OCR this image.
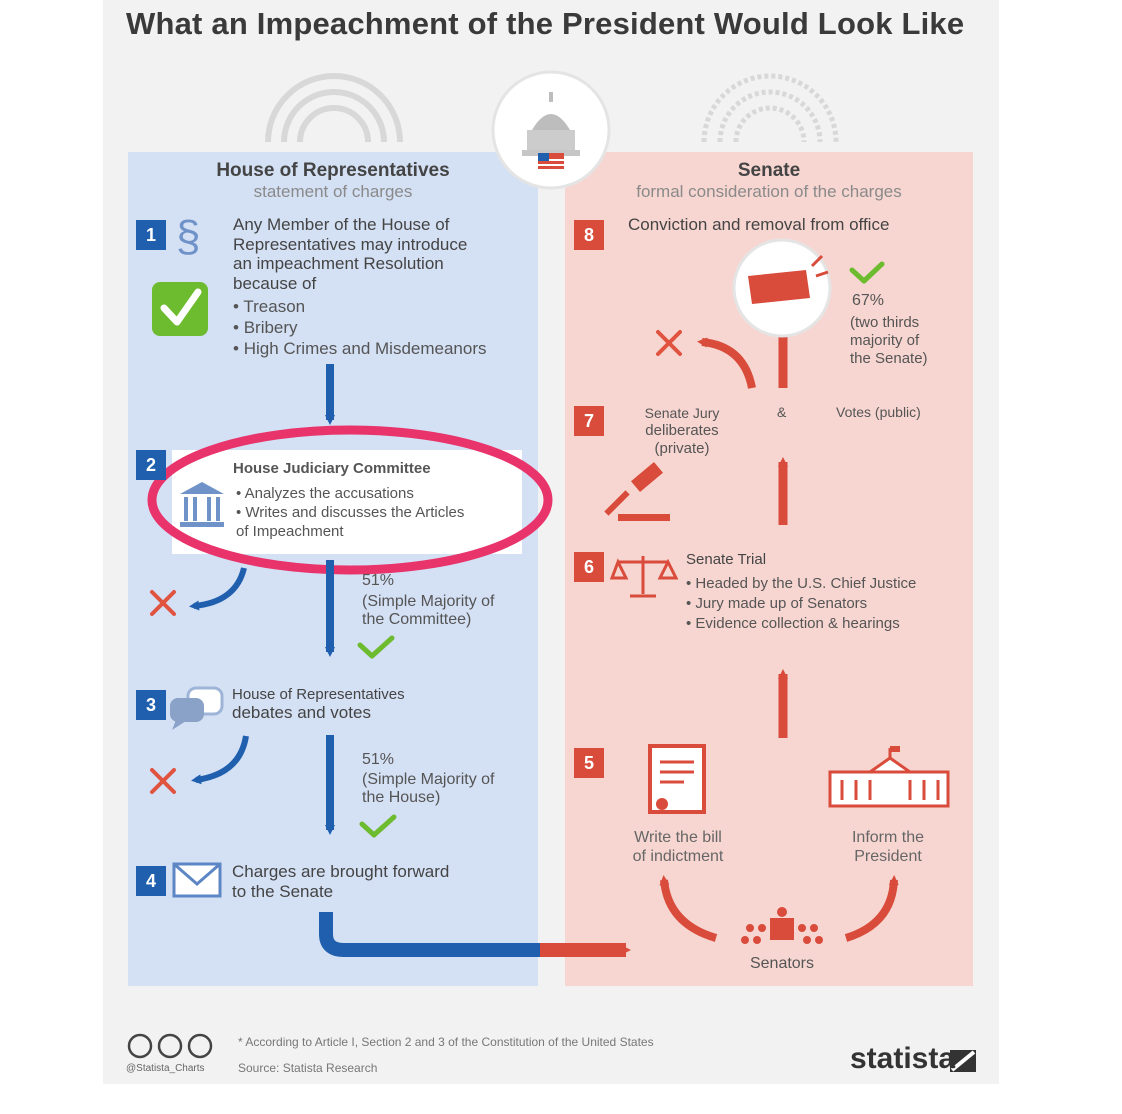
What an Impeachment of the President Would Look Like
House of Representatives
statement of charges
Senate
formal consideration of the charges
1 § Any Member of the House of
Representatives may introduce
an impeachment Resolution
because of
• Treason
• Bribery
• High Crimes and Misdemeanors
2	House Judiciary Committee
• Analyzes the accusations
• Writes and discusses the Articles of Impeachment
51%
(Simple Majority of
the Committee)
3
House of Representatives
debates and votes
51%
(Simple Majority of
the House)
4	Charges are brought forward
to the Senate
8
Conviction and removal from office
67%
(two thirds
majority of
the Senate)
7	Senate Jury
deliberates
(private)
&	Votes (public)
6	Senate Trial
• Headed by the U.S. Chief Justice
• Jury made up of Senators
• Evidence collection & hearings
5
Write the bill
of indictment
Inform the
President
Senators
* According to Article I, Section 2 and 3 of the Constitution of the United States
Source: Statista Research
@Statista_Charts	statista
